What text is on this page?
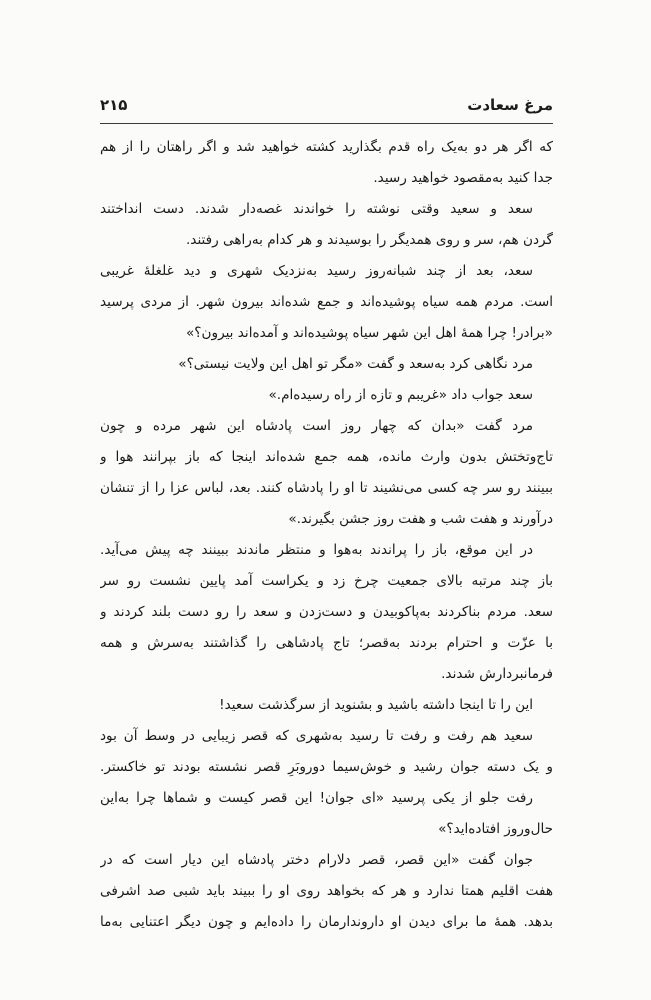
مرغ سعادت
۲۱۵
که اگر هر دو به‌یک راه قدم بگذارید کشته خواهید شد و اگر راهتان را از هم
جدا کنید به‌مقصود خواهید رسید.
سعد و سعید وقتی نوشته را خواندند غصه‌دار شدند. دست انداختند
گردن هم، سر و روی همدیگر را بوسیدند و هر کدام به‌راهی رفتند.
سعد، بعد از چند شبانه‌روز رسید به‌نزدیک شهری و دید غلغلهٔ غریبی
است. مردم همه سیاه پوشیده‌اند و جمع شده‌اند بیرون شهر. از مردی پرسید
«برادر! چرا همهٔ اهل این شهر سیاه پوشیده‌اند و آمده‌اند بیرون؟»
مرد نگاهی کرد به‌سعد و گفت «مگر تو اهل این ولایت نیستی؟»
سعد جواب داد «غریبم و تازه از راه رسیده‌ام.»
مرد گفت «بدان که چهار روز است پادشاه این شهر مرده و چون
تاج‌وتختش بدون وارث مانده، همه جمع شده‌اند اینجا که باز بپرانند هوا و
ببینند رو سر چه کسی می‌نشیند تا او را پادشاه کنند. بعد، لباس عزا را از تنشان
درآورند و هفت شب و هفت روز جشن بگیرند.»
در این موقع، باز را پراندند به‌هوا و منتظر ماندند ببینند چه پیش می‌آید.
باز چند مرتبه بالای جمعیت چرخ زد و یکراست آمد پایین نشست رو سر
سعد. مردم بناکردند به‌پاکوبیدن و دست‌زدن و سعد را رو دست بلند کردند و
با عزّت و احترام بردند به‌قصر؛ تاج پادشاهی را گذاشتند به‌سرش و همه
فرمانبردارش شدند.
این را تا اینجا داشته باشید و بشنوید از سرگذشت سعید!
سعید هم رفت و رفت تا رسید به‌شهری که قصر زیبایی در وسط آن بود
و یک دسته جوان رشید و خوش‌سیما دوروبَرِ قصر نشسته بودند تو خاکستر.
رفت جلو از یکی پرسید «ای جوان! این قصر کیست و شماها چرا به‌این
حال‌وروز افتاده‌اید؟»
جوان گفت «این قصر، قصر دلارام دختر پادشاه این دیار است که در
هفت اقلیم همتا ندارد و هر که بخواهد روی او را ببیند باید شبی صد اشرفی
بدهد. همهٔ ما برای دیدن او داروندارمان را داده‌ایم و چون دیگر اعتنایی به‌ما
